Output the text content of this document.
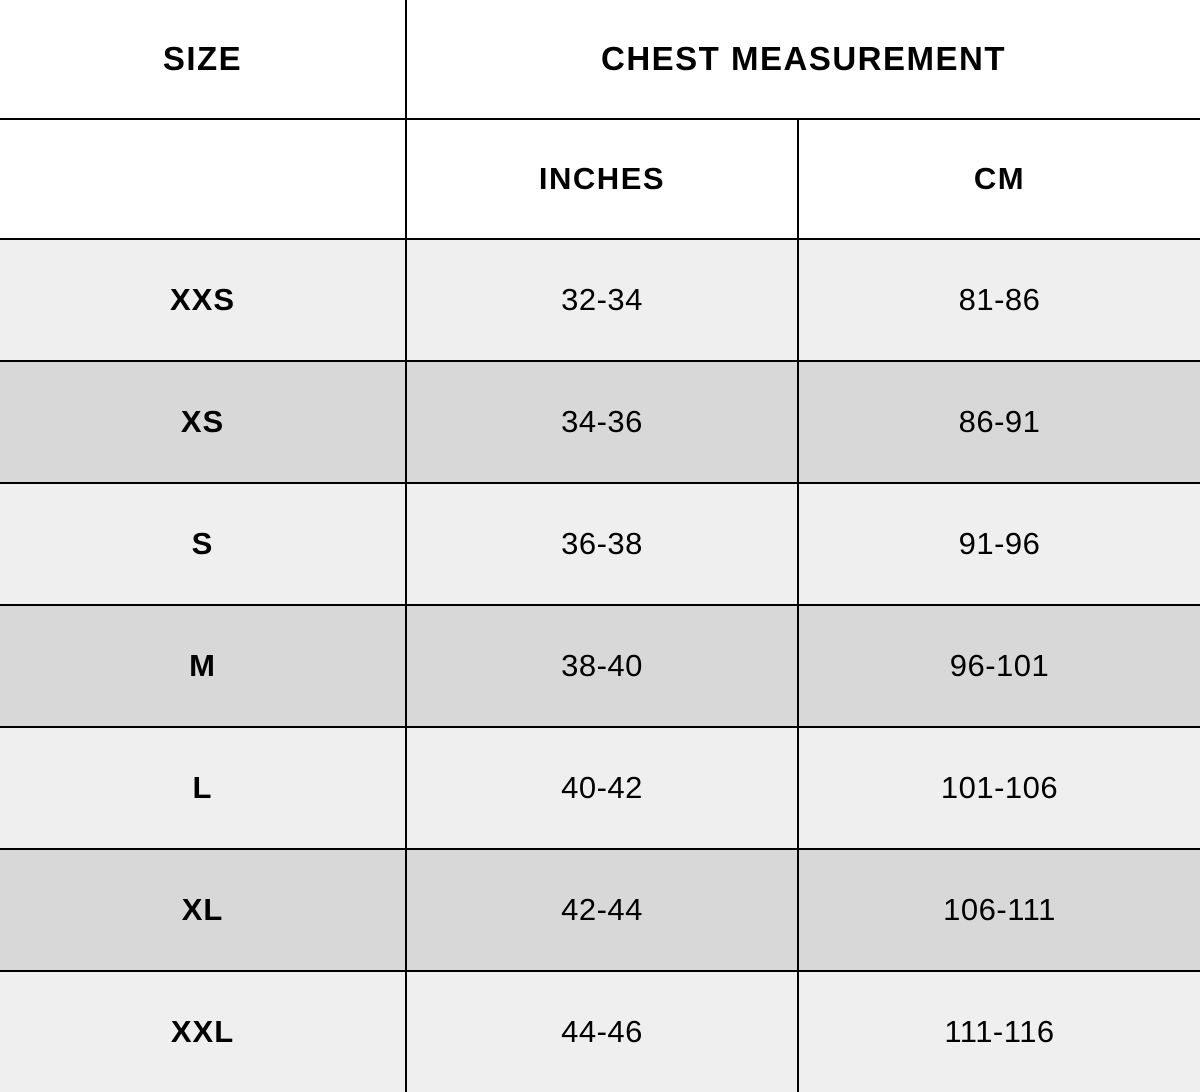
SIZE	CHEST MEASUREMENT	
	INCHES	CM
XXS	32-34	81-86
XS	34-36	86-91
S	36-38	91-96
M	38-40	96-101
L	40-42	101-106
XL	42-44	106-111
XXL	44-46	111-116
